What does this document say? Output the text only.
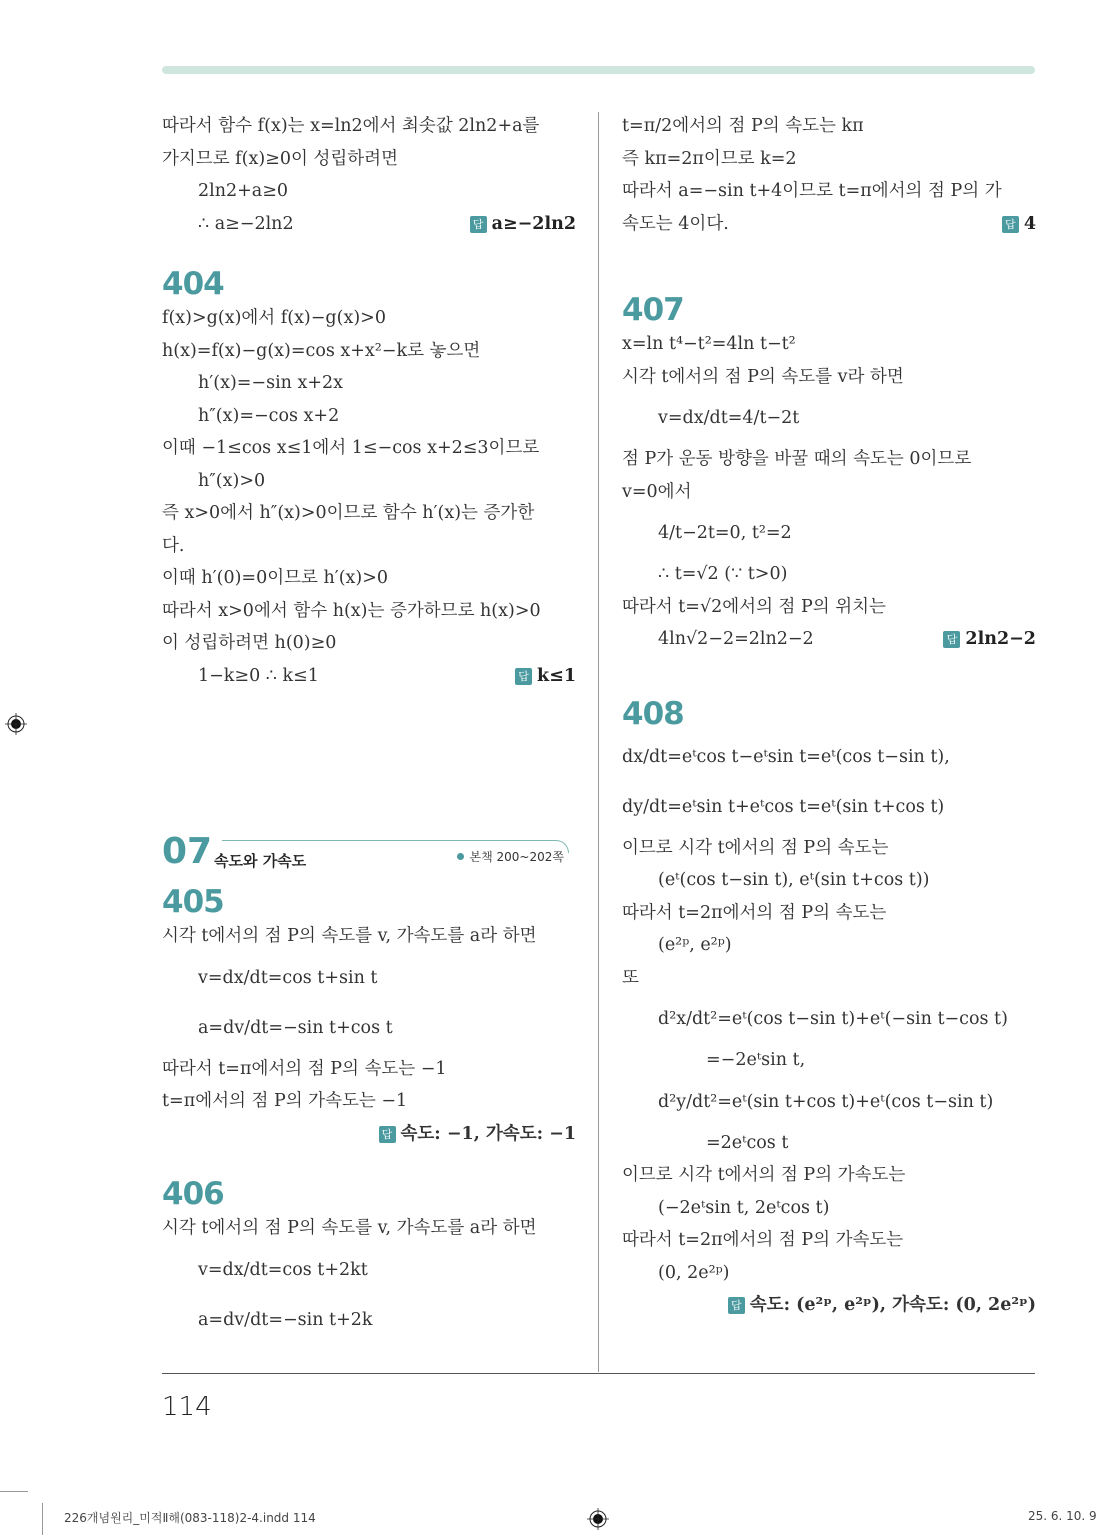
따라서 함수 f(x)는 x=ln2에서 최솟값 2ln2+a를
가지므로 f(x)≥0이 성립하려면
2ln2+a≥0
∴ a≥−2ln2	답 a≥−2ln2
404
f(x)>g(x)에서 f(x)−g(x)>0
h(x)=f(x)−g(x)=cos x+x²−k로 놓으면
h′(x)=−sin x+2x
h″(x)=−cos x+2
이때 −1≤cos x≤1에서 1≤−cos x+2≤3이므로
h″(x)>0
즉 x>0에서 h″(x)>0이므로 함수 h′(x)는 증가한
다.
이때 h′(0)=0이므로 h′(x)>0
따라서 x>0에서 함수 h(x)는 증가하므로 h(x)>0
이 성립하려면 h(0)≥0
1−k≥0 ∴ k≤1	답 k≤1
07 속도와 가속도	본책 200~202쪽
405
시각 t에서의 점 P의 속도를 v, 가속도를 a라 하면
v=dx/dt=cos t+sin t
a=dv/dt=−sin t+cos t
따라서 t=π에서의 점 P의 속도는 −1
t=π에서의 점 P의 가속도는 −1
답 속도: −1, 가속도: −1
406
시각 t에서의 점 P의 속도를 v, 가속도를 a라 하면
v=dx/dt=cos t+2kt
a=dv/dt=−sin t+2k
t=π/2에서의 점 P의 속도는 kπ
즉 kπ=2π이므로 k=2
따라서 a=−sin t+4이므로 t=π에서의 점 P의 가
속도는 4이다.	답 4
407
x=ln t⁴−t²=4ln t−t²
시각 t에서의 점 P의 속도를 v라 하면
v=dx/dt=4/t−2t
점 P가 운동 방향을 바꿀 때의 속도는 0이므로
v=0에서
4/t−2t=0, t²=2
∴ t=√2 (∵ t>0)
따라서 t=√2에서의 점 P의 위치는
4ln√2−2=2ln2−2	답 2ln2−2
408
dx/dt=eᵗcos t−eᵗsin t=eᵗ(cos t−sin t),
dy/dt=eᵗsin t+eᵗcos t=eᵗ(sin t+cos t)
이므로 시각 t에서의 점 P의 속도는
(eᵗ(cos t−sin t), eᵗ(sin t+cos t))
따라서 t=2π에서의 점 P의 속도는
(e²ᵖ, e²ᵖ)
또
d²x/dt²=eᵗ(cos t−sin t)+eᵗ(−sin t−cos t)
=−2eᵗsin t,
d²y/dt²=eᵗ(sin t+cos t)+eᵗ(cos t−sin t)
=2eᵗcos t
이므로 시각 t에서의 점 P의 가속도는
(−2eᵗsin t, 2eᵗcos t)
따라서 t=2π에서의 점 P의 가속도는
(0, 2e²ᵖ)
답 속도: (e²ᵖ, e²ᵖ), 가속도: (0, 2e²ᵖ)
114
226개념원리_미적Ⅱ해(083-118)2-4.indd 114	25. 6. 10. 9
